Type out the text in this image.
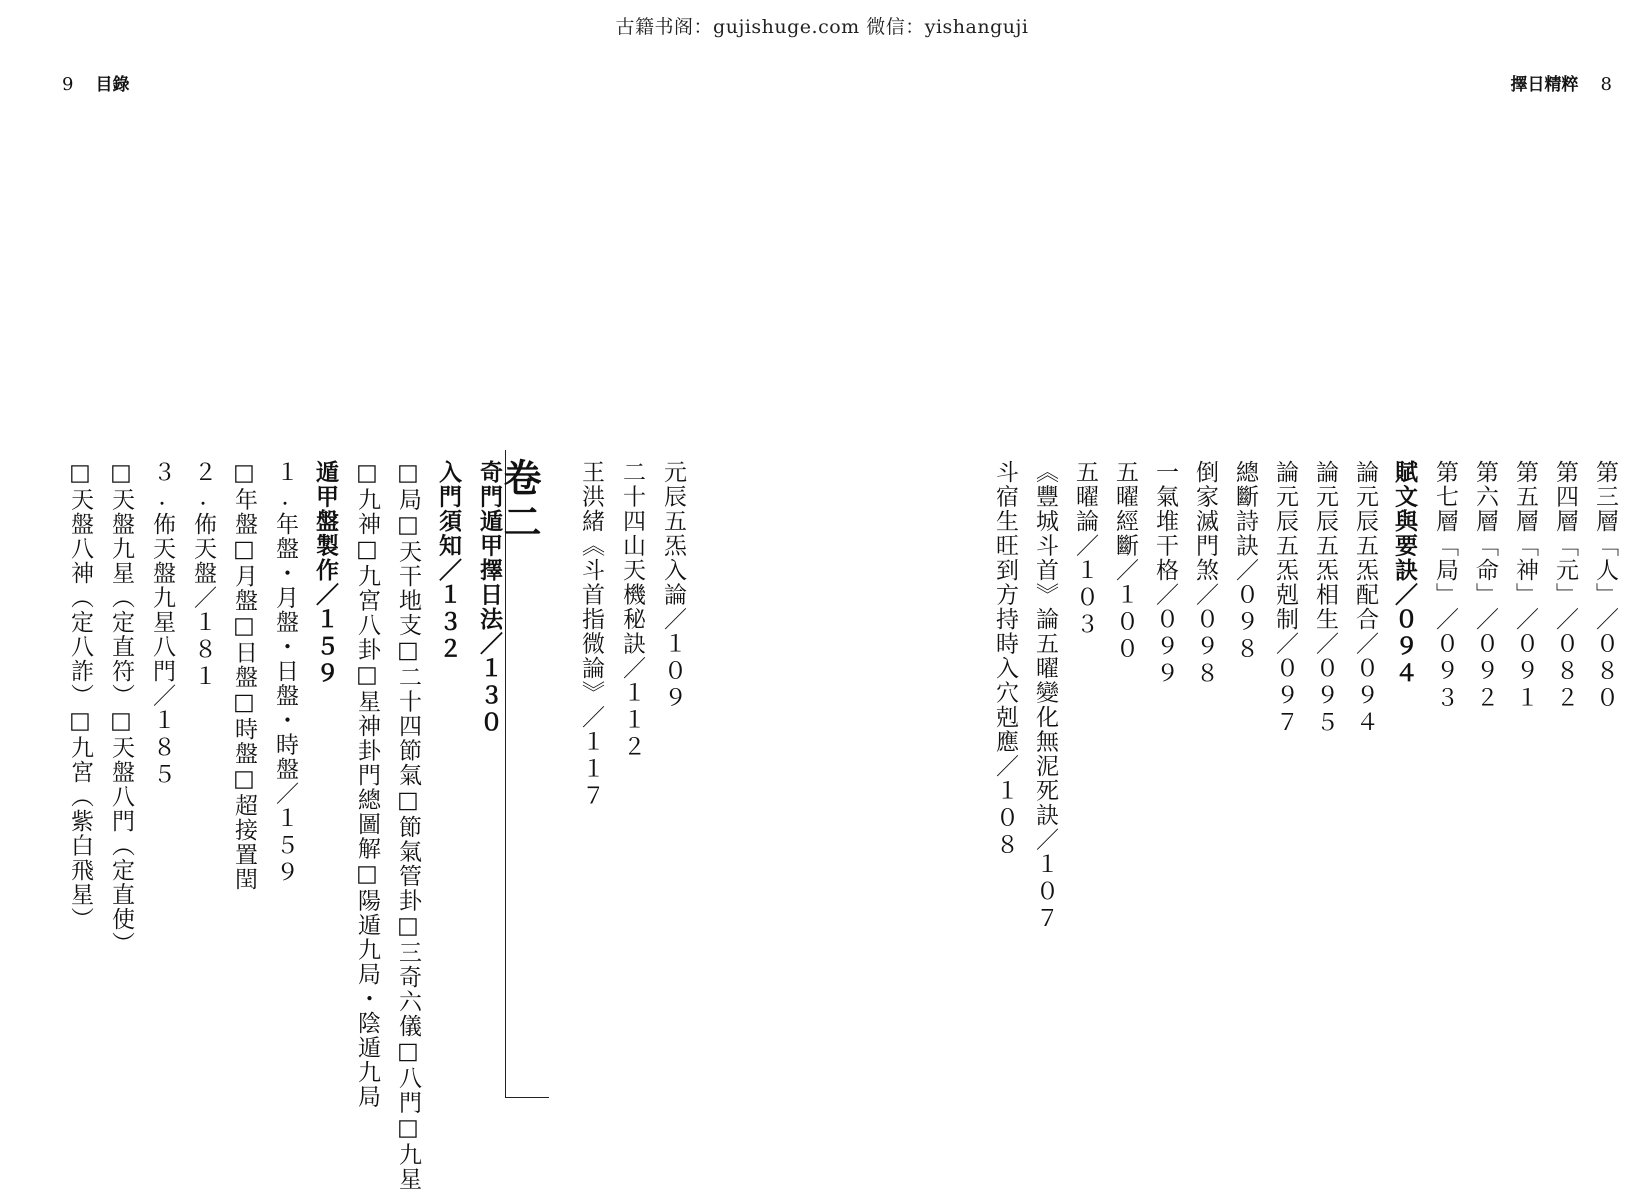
古籍书阁：gujishuge.com 微信：yishanguji
9 目錄	擇日精粹 8
第三層「人」／０８０
第四層「元」／０８２
第五層「神」／０９１
第六層「命」／０９２
第七層「局」／０９３
賦文與要訣／０９４
論元辰五炁配合／０９４
論元辰五炁相生／０９５
論元辰五炁剋制／０９７
總斷詩訣／０９８
倒家滅門煞／０９８
一氣堆干格／０９９
五曜經斷／１００
五曜論／１０３
《豐城斗首》論五曜變化無泥死訣／１０７
斗宿生旺到方持時入穴剋應／１０８
元辰五炁入論／１０９
二十四山天機秘訣／１１２
王洪緒《斗首指微論》／１１７
卷二
奇門遁甲擇日法／１３０
入門須知／１３２
□局□天干地支□二十四節氣□節氣管卦□三奇六儀□八門□九星
□九神□九宮八卦□星神卦門總圖解□陽遁九局・陰遁九局
遁甲盤製作／１５９
１.年盤・月盤・日盤・時盤／１５９
□年盤□月盤□日盤□時盤□超接置閏
２.佈天盤／１８１
３.佈天盤九星八門／１８５
□天盤九星（定直符）□天盤八門（定直使）
□天盤八神（定八詐）□九宮（紫白飛星）
